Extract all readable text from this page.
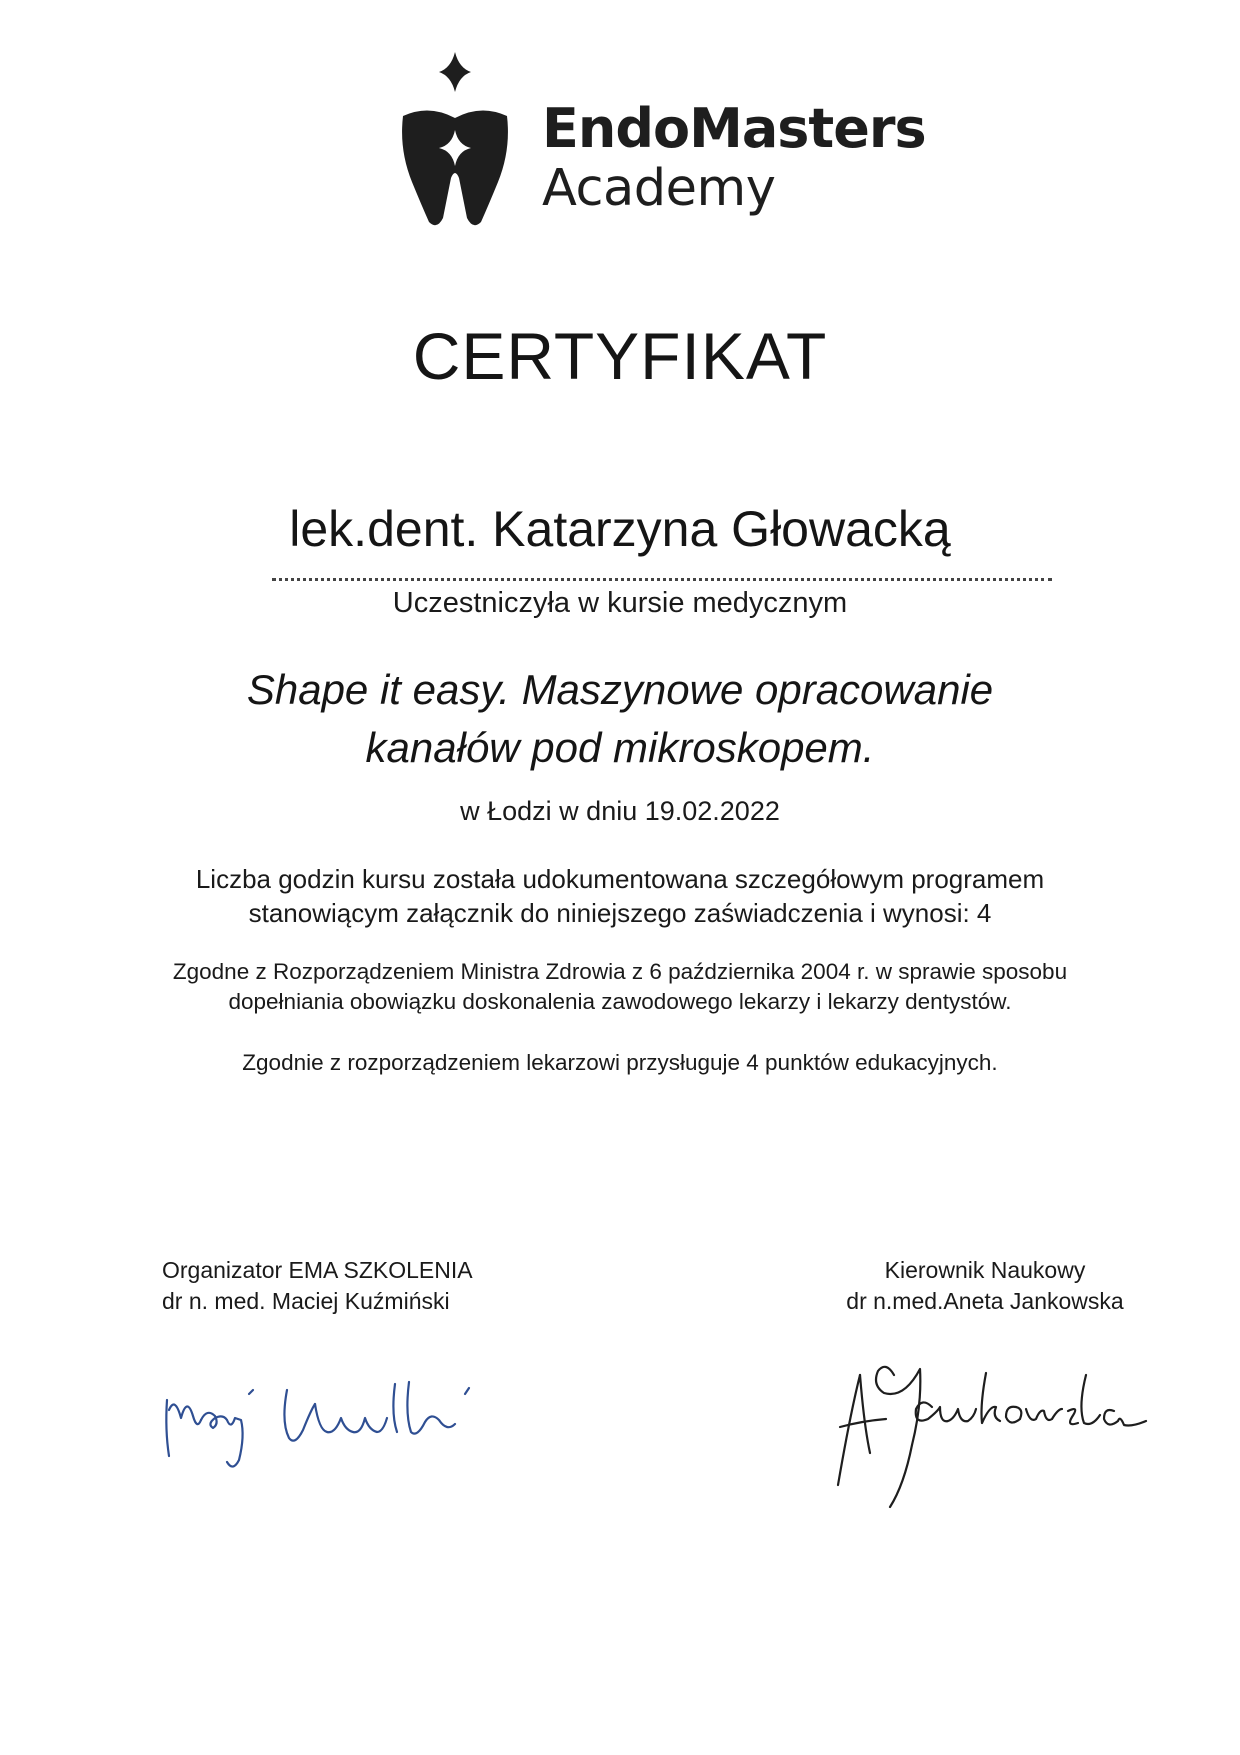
EndoMasters
Academy
CERTYFIKAT
lek.dent. Katarzyna Głowacką
Uczestniczyła w kursie medycznym
Shape it easy. Maszynowe opracowanie
kanałów pod mikroskopem.
w Łodzi w dniu 19.02.2022
Liczba godzin kursu została udokumentowana szczegółowym programem
stanowiącym załącznik do niniejszego zaświadczenia i wynosi: 4
Zgodne z Rozporządzeniem Ministra Zdrowia z 6 października 2004 r. w sprawie sposobu
dopełniania obowiązku doskonalenia zawodowego lekarzy i lekarzy dentystów.
Zgodnie z rozporządzeniem lekarzowi przysługuje 4 punktów edukacyjnych.
Organizator EMA SZKOLENIA
dr n. med. Maciej Kuźmiński
Kierownik Naukowy
dr n.med.Aneta Jankowska
